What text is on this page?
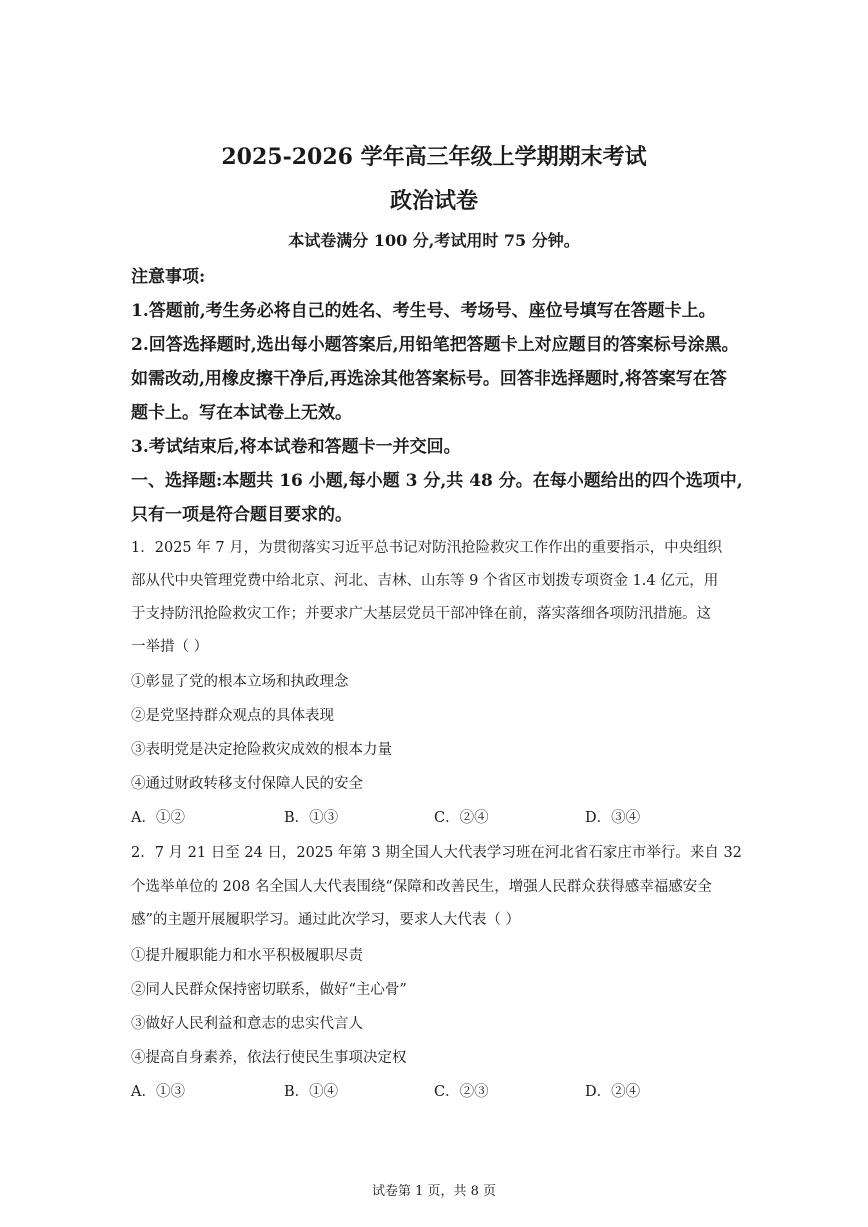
2025-2026 学年高三年级上学期期末考试
政治试卷
本试卷满分 100 分,考试用时 75 分钟。
注意事项:
1.答题前,考生务必将自己的姓名、考生号、考场号、座位号填写在答题卡上。
2.回答选择题时,选出每小题答案后,用铅笔把答题卡上对应题目的答案标号涂黑。
如需改动,用橡皮擦干净后,再选涂其他答案标号。回答非选择题时,将答案写在答
题卡上。写在本试卷上无效。
3.考试结束后,将本试卷和答题卡一并交回。
一、选择题:本题共 16 小题,每小题 3 分,共 48 分。在每小题给出的四个选项中,
只有一项是符合题目要求的。
1．2025 年 7 月，为贯彻落实习近平总书记对防汛抢险救灾工作作出的重要指示，中央组织
部从代中央管理党费中给北京、河北、吉林、山东等 9 个省区市划拨专项资金 1.4 亿元，用
于支持防汛抢险救灾工作；并要求广大基层党员干部冲锋在前，落实落细各项防汛措施。这
一举措（ ）
①彰显了党的根本立场和执政理念
②是党坚持群众观点的具体表现
③表明党是决定抢险救灾成效的根本力量
④通过财政转移支付保障人民的安全
A．①②	B．①③	C．②④	D．③④
2．7 月 21 日至 24 日，2025 年第 3 期全国人大代表学习班在河北省石家庄市举行。来自 32
个选举单位的 208 名全国人大代表围绕“保障和改善民生，增强人民群众获得感幸福感安全
感”的主题开展履职学习。通过此次学习，要求人大代表（ ）
①提升履职能力和水平积极履职尽责
②同人民群众保持密切联系，做好“主心骨”
③做好人民利益和意志的忠实代言人
④提高自身素养，依法行使民生事项决定权
A．①③	B．①④	C．②③	D．②④
试卷第 1 页，共 8 页
